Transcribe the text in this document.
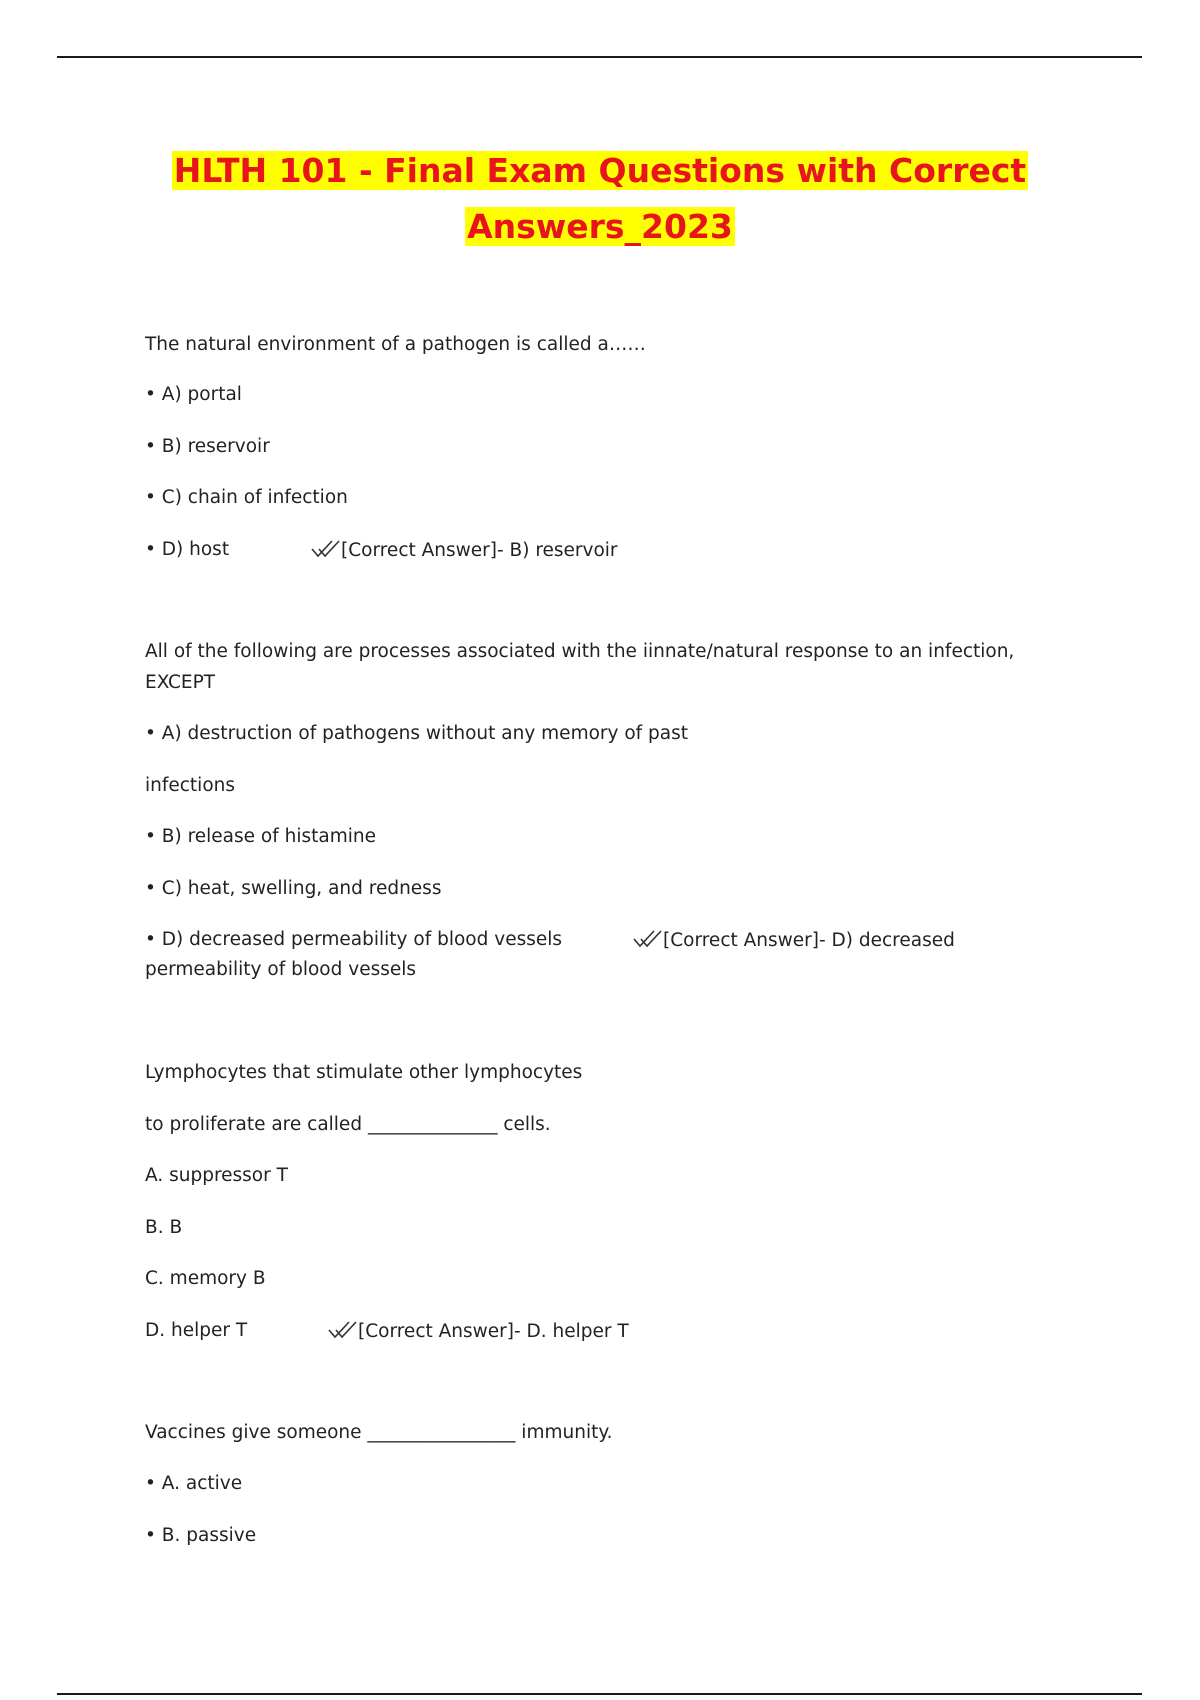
HLTH 101 - Final Exam Questions with Correct
Answers_2023
The natural environment of a pathogen is called a……
• A) portal
• B) reservoir
• C) chain of infection
• D) host	[Correct Answer]- B) reservoir
All of the following are processes associated with the iinnate/natural response to an infection,
EXCEPT
• A) destruction of pathogens without any memory of past
infections
• B) release of histamine
• C) heat, swelling, and redness
• D) decreased permeability of blood vessels	[Correct Answer]- D) decreased
permeability of blood vessels
Lymphocytes that stimulate other lymphocytes
to proliferate are called ______________ cells.
A. suppressor T
B. B
C. memory B
D. helper T	[Correct Answer]- D. helper T
Vaccines give someone ________________ immunity.
• A. active
• B. passive
